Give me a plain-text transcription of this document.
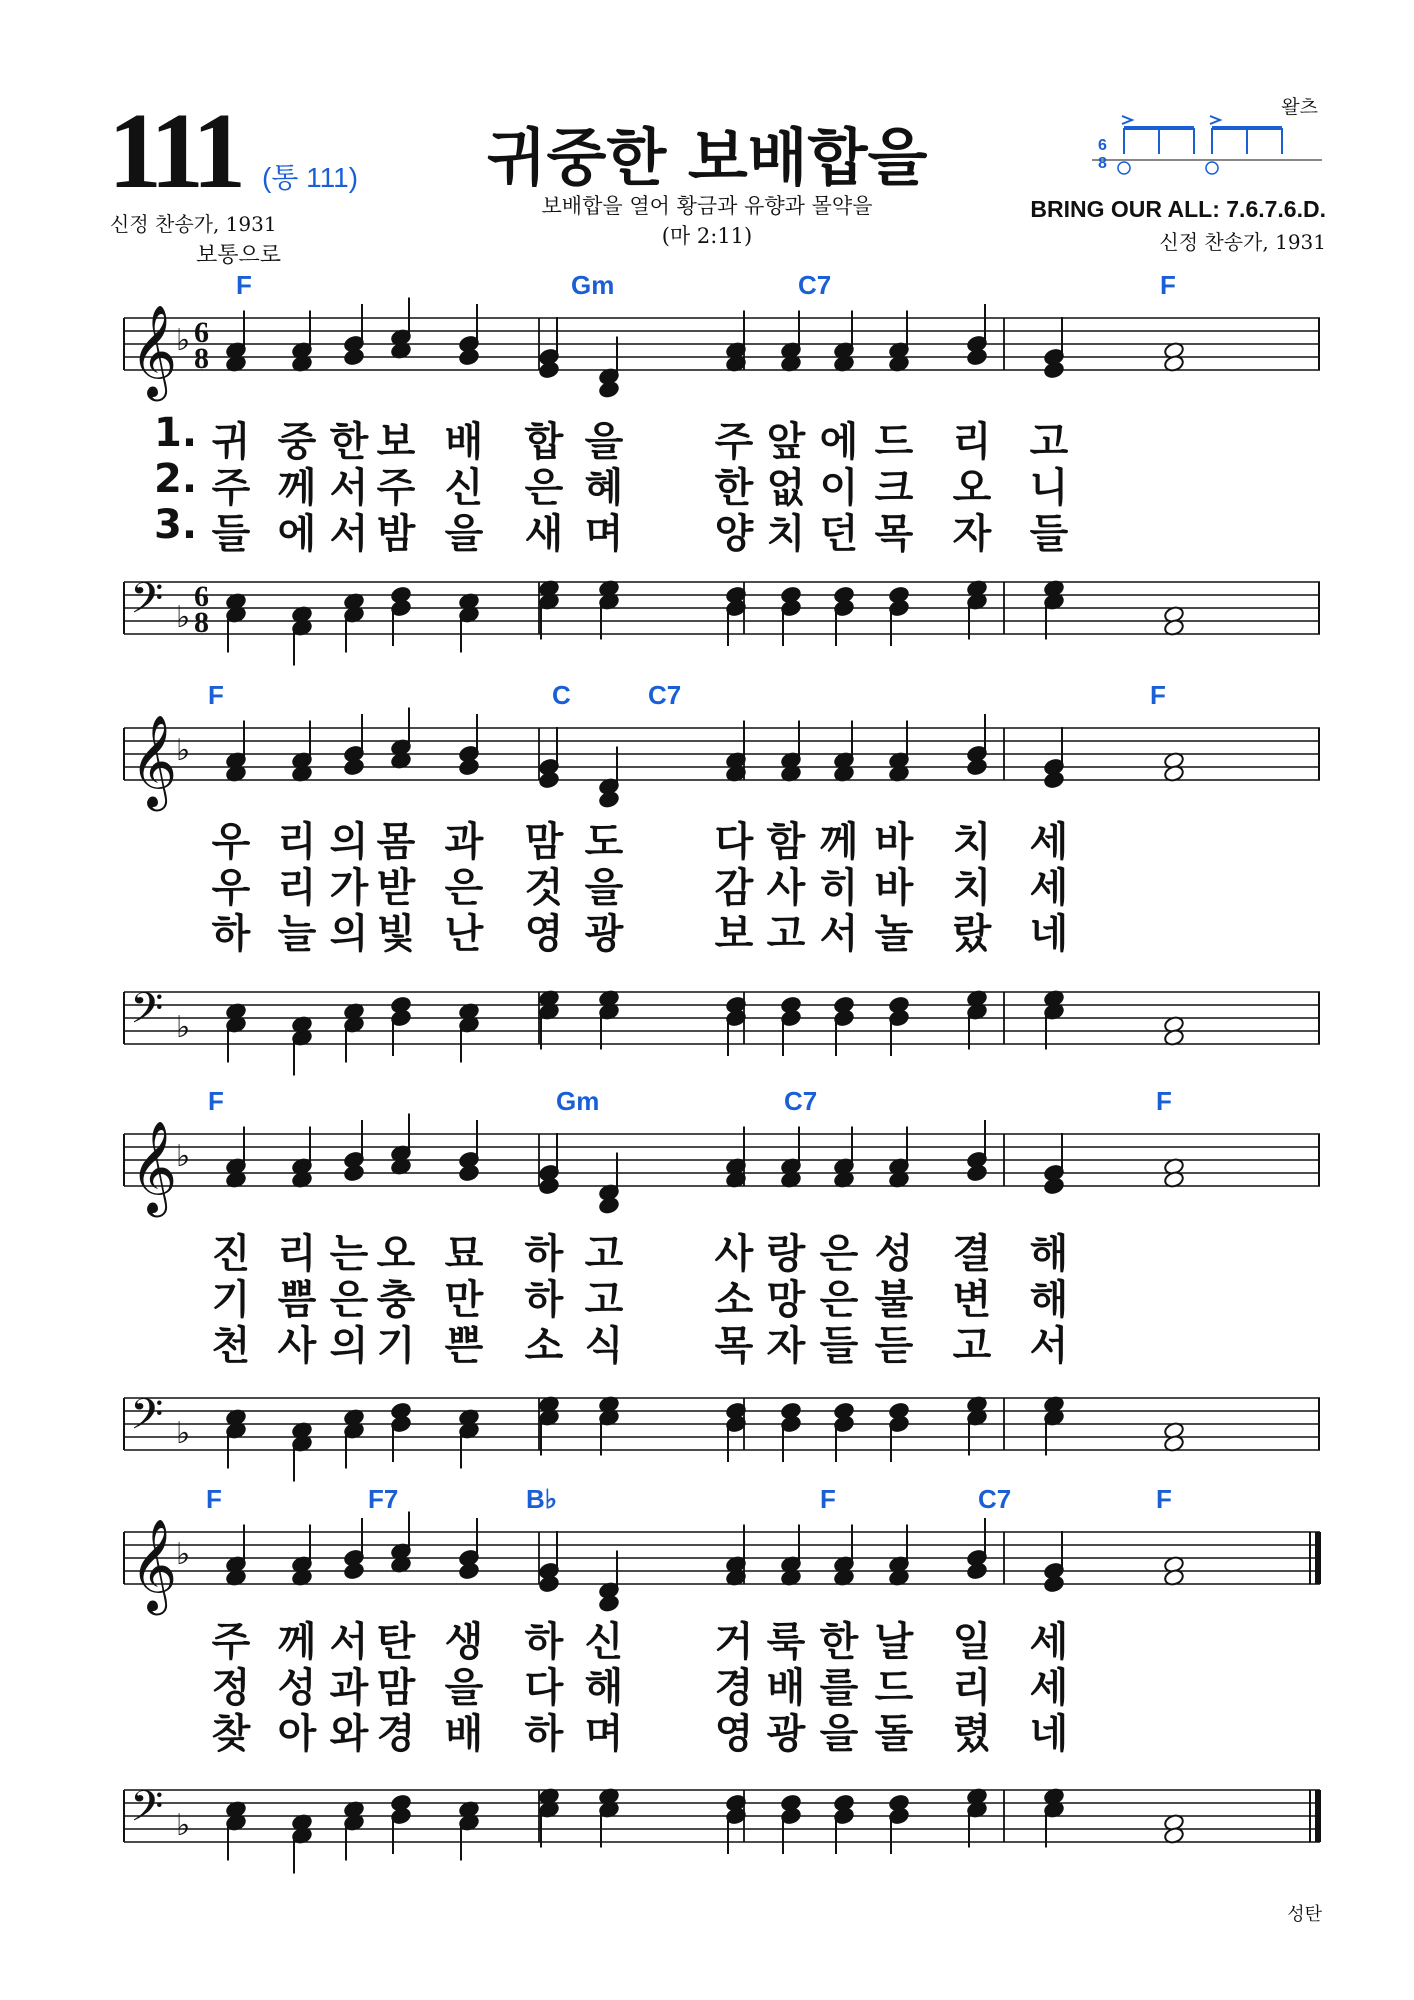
111 (통 111)	귀중한 보배합을
보배합을 열어 황금과 유향과 몰약을
(마 2:11)
신정 찬송가, 1931
보통으로
왈츠
BRING OUR ALL: 7.6.7.6.D.
신정 찬송가, 1931
6
8
F	Gm	C7	F
𝄞
♭ 6
8
1. 귀 중 한 보 배 합 을 주 앞 에 드 리 고
2. 주 께 서 주 신 은 혜 한 없 이 크 오 니
3. 들 에 서 밤 을 새 며 양 치 던 목 자 들
𝄢 ♭
6
8
F	C	C7	F
𝄞
♭
우 리 의 몸 과 맘 도 다 함 께 바 치 세
우 리 가 받 은 것 을 감 사 히 바 치 세
하 늘 의 빛 난 영 광 보 고 서 놀 랐 네
𝄢 ♭
F	Gm	C7	F
𝄞
♭
진 리 는 오 묘 하 고 사 랑 은 성 결 해
기 쁨 은 충 만 하 고 소 망 은 불 변 해
천 사 의 기 쁜 소 식 목 자 들 듣 고 서
𝄢 ♭
F	F7	B♭	F	C7	F
𝄞
♭
주 께 서 탄 생 하 신 거 룩 한 날 일 세
정 성 과 맘 을 다 해 경 배 를 드 리 세
찾 아 와 경 배 하 며 영 광 을 돌 렸 네
𝄢 ♭
성탄
